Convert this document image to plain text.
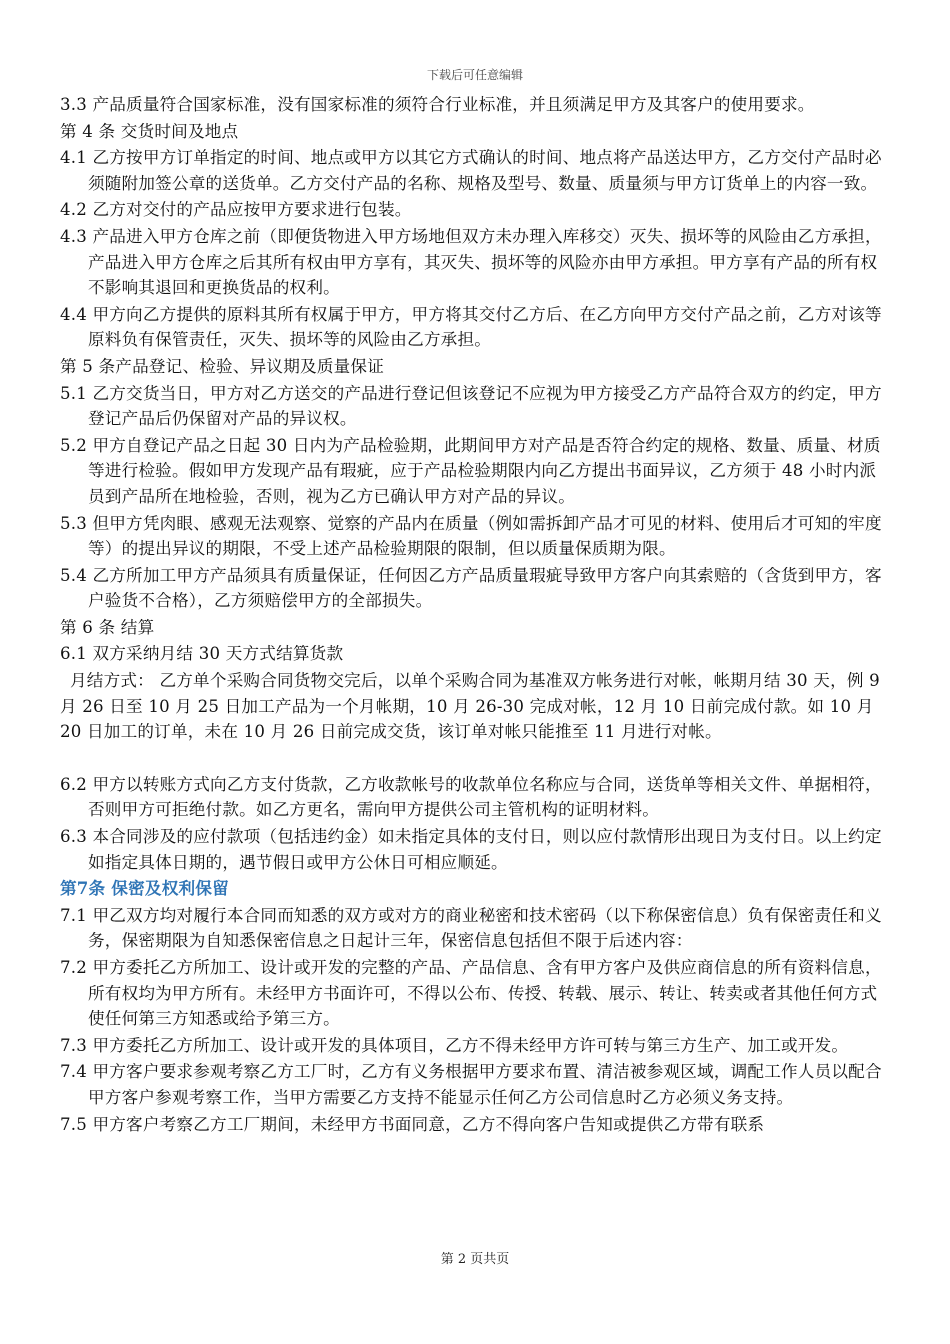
下载后可任意编辑
3.3 产品质量符合国家标准，没有国家标准的须符合行业标准，并且须满足甲方及其客户的使用要求。
第 4 条 交货时间及地点
4.1 乙方按甲方订单指定的时间、地点或甲方以其它方式确认的时间、地点将产品送达甲方，乙方交付产品时必须随附加签公章的送货单。乙方交付产品的名称、规格及型号、数量、质量须与甲方订货单上的内容一致。
4.2 乙方对交付的产品应按甲方要求进行包装。
4.3 产品进入甲方仓库之前（即便货物进入甲方场地但双方未办理入库移交）灭失、损坏等的风险由乙方承担，产品进入甲方仓库之后其所有权由甲方享有，其灭失、损坏等的风险亦由甲方承担。甲方享有产品的所有权不影响其退回和更换货品的权利。
4.4 甲方向乙方提供的原料其所有权属于甲方，甲方将其交付乙方后、在乙方向甲方交付产品之前，乙方对该等原料负有保管责任，灭失、损坏等的风险由乙方承担。
第 5 条产品登记、检验、异议期及质量保证
5.1 乙方交货当日，甲方对乙方送交的产品进行登记但该登记不应视为甲方接受乙方产品符合双方的约定，甲方登记产品后仍保留对产品的异议权。
5.2 甲方自登记产品之日起 30 日内为产品检验期，此期间甲方对产品是否符合约定的规格、数量、质量、材质等进行检验。假如甲方发现产品有瑕疵，应于产品检验期限内向乙方提出书面异议，乙方须于 48 小时内派员到产品所在地检验，否则，视为乙方已确认甲方对产品的异议。
5.3 但甲方凭肉眼、感观无法观察、觉察的产品内在质量（例如需拆卸产品才可见的材料、使用后才可知的牢度等）的提出异议的期限，不受上述产品检验期限的限制，但以质量保质期为限。
5.4 乙方所加工甲方产品须具有质量保证，任何因乙方产品质量瑕疵导致甲方客户向其索赔的（含货到甲方，客户验货不合格），乙方须赔偿甲方的全部损失。
第 6 条 结算
6.1 双方采纳月结 30 天方式结算货款
月结方式： 乙方单个采购合同货物交完后，以单个采购合同为基准双方帐务进行对帐，帐期月结 30 天，例 9 月 26 日至 10 月 25 日加工产品为一个月帐期，10 月 26-30 完成对帐，12 月 10 日前完成付款。如 10 月 20 日加工的订单，未在 10 月 26 日前完成交货，该订单对帐只能推至 11 月进行对帐。
6.2 甲方以转账方式向乙方支付货款，乙方收款帐号的收款单位名称应与合同，送货单等相关文件、单据相符，否则甲方可拒绝付款。如乙方更名，需向甲方提供公司主管机构的证明材料。
6.3 本合同涉及的应付款项（包括违约金）如未指定具体的支付日，则以应付款情形出现日为支付日。以上约定如指定具体日期的，遇节假日或甲方公休日可相应顺延。
第7条 保密及权利保留
7.1 甲乙双方均对履行本合同而知悉的双方或对方的商业秘密和技术密码（以下称保密信息）负有保密责任和义务，保密期限为自知悉保密信息之日起计三年，保密信息包括但不限于后述内容：
7.2 甲方委托乙方所加工、设计或开发的完整的产品、产品信息、含有甲方客户及供应商信息的所有资料信息，所有权均为甲方所有。未经甲方书面许可，不得以公布、传授、转载、展示、转让、转卖或者其他任何方式使任何第三方知悉或给予第三方。
7.3 甲方委托乙方所加工、设计或开发的具体项目，乙方不得未经甲方许可转与第三方生产、加工或开发。
7.4 甲方客户要求参观考察乙方工厂时，乙方有义务根据甲方要求布置、清洁被参观区域，调配工作人员以配合甲方客户参观考察工作，当甲方需要乙方支持不能显示任何乙方公司信息时乙方必须义务支持。
7.5 甲方客户考察乙方工厂期间，未经甲方书面同意，乙方不得向客户告知或提供乙方带有联系
第 2 页共页
